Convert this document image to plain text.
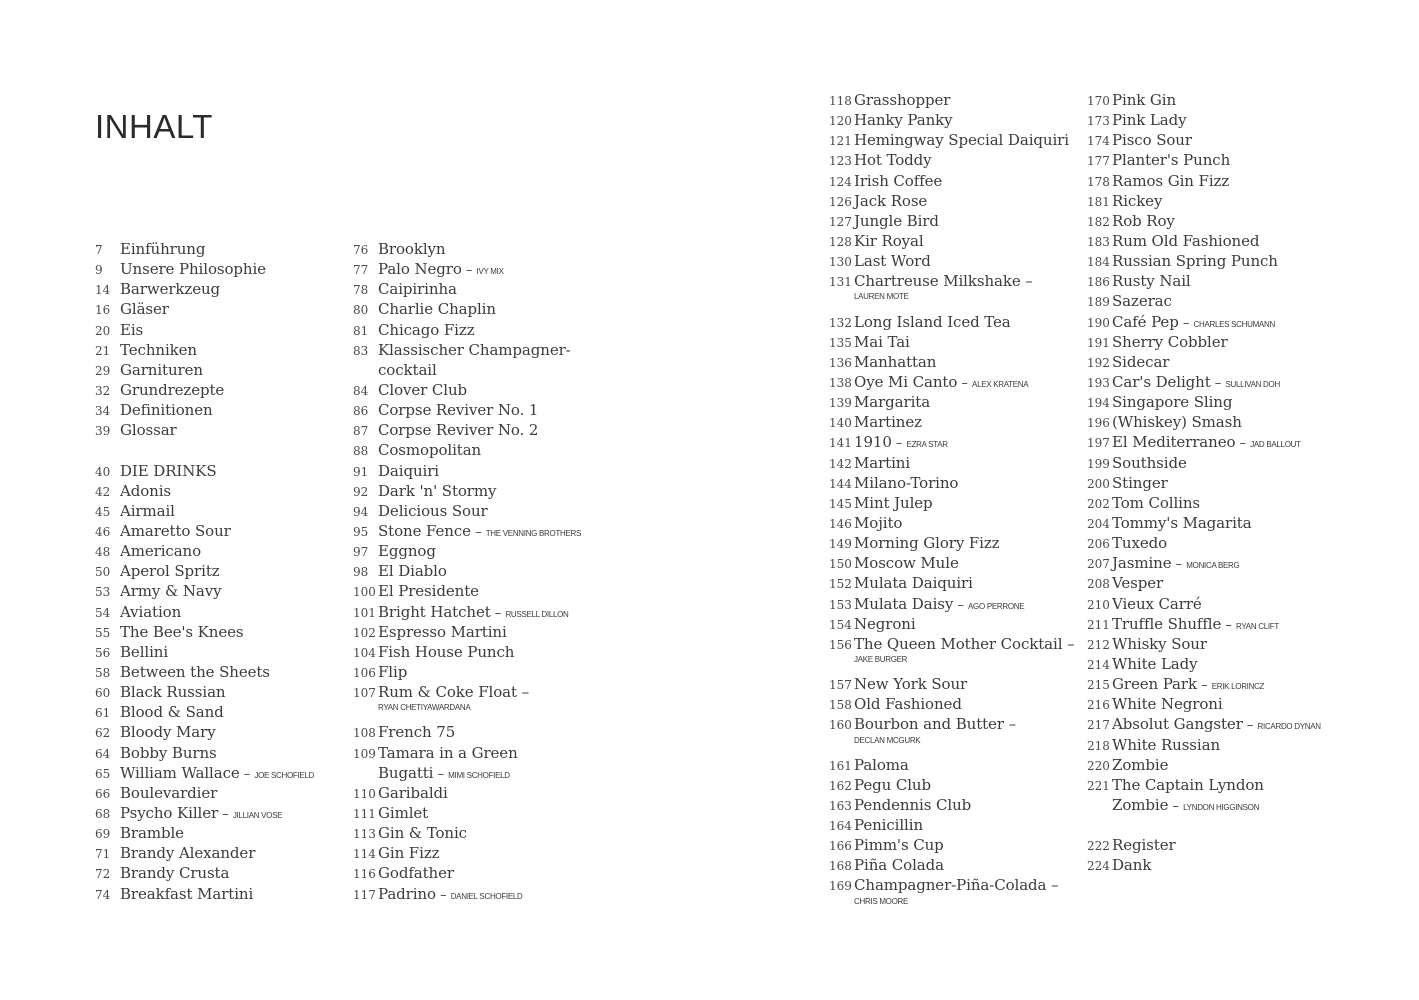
INHALT
7	Einführung
9	Unsere Philosophie
14 Barwerkzeug
16 Gläser
20 Eis
21 Techniken
29 Garnituren
32 Grundrezepte
34 Definitionen
39 Glossar
40 DIE DRINKS
42 Adonis
45 Airmail
46 Amaretto Sour
48 Americano
50 Aperol Spritz
53 Army & Navy
54 Aviation
55 The Bee's Knees
56 Bellini
58 Between the Sheets
60 Black Russian
61 Blood & Sand
62 Bloody Mary
64 Bobby Burns
65 William Wallace – JOE SCHOFIELD
66 Boulevardier
68 Psycho Killer – JILLIAN VOSE
69 Bramble
71 Brandy Alexander
72 Brandy Crusta
74 Breakfast Martini
76 Brooklyn
77 Palo Negro – IVY MIX
78 Caipirinha
80 Charlie Chaplin
81 Chicago Fizz
83 Klassischer Champagner-
cocktail
84 Clover Club
86 Corpse Reviver No. 1
87 Corpse Reviver No. 2
88 Cosmopolitan
91 Daiquiri
92 Dark 'n' Stormy
94 Delicious Sour
95 Stone Fence – THE VENNING BROTHERS
97 Eggnog
98 El Diablo
100 El Presidente
101 Bright Hatchet – RUSSELL DILLON
102 Espresso Martini
104 Fish House Punch
106 Flip
107 Rum & Coke Float –
RYAN CHETIYAWARDANA
108 French 75
109 Tamara in a Green
Bugatti – MIMI SCHOFIELD
110 Garibaldi
111 Gimlet
113 Gin & Tonic
114 Gin Fizz
116 Godfather
117 Padrino – DANIEL SCHOFIELD
118 Grasshopper
120 Hanky Panky
121 Hemingway Special Daiquiri
123 Hot Toddy
124 Irish Coffee
126 Jack Rose
127 Jungle Bird
128 Kir Royal
130 Last Word
131 Chartreuse Milkshake –
LAUREN MOTE
132 Long Island Iced Tea
135 Mai Tai
136 Manhattan
138 Oye Mi Canto – ALEX KRATENA
139 Margarita
140 Martinez
141 1910 – EZRA STAR
142 Martini
144 Milano-Torino
145 Mint Julep
146 Mojito
149 Morning Glory Fizz
150 Moscow Mule
152 Mulata Daiquiri
153 Mulata Daisy – AGO PERRONE
154 Negroni
156 The Queen Mother Cocktail –
JAKE BURGER
157 New York Sour
158 Old Fashioned
160 Bourbon and Butter –
DECLAN MCGURK
161 Paloma
162 Pegu Club
163 Pendennis Club
164 Penicillin
166 Pimm's Cup
168 Piña Colada
169 Champagner-Piña-Colada –
CHRIS MOORE
170 Pink Gin
173 Pink Lady
174 Pisco Sour
177 Planter's Punch
178 Ramos Gin Fizz
181 Rickey
182 Rob Roy
183 Rum Old Fashioned
184 Russian Spring Punch
186 Rusty Nail
189 Sazerac
190 Café Pep – CHARLES SCHUMANN
191 Sherry Cobbler
192 Sidecar
193 Car's Delight – SULLIVAN DOH
194 Singapore Sling
196 (Whiskey) Smash
197 El Mediterraneo – JAD BALLOUT
199 Southside
200 Stinger
202 Tom Collins
204 Tommy's Magarita
206 Tuxedo
207 Jasmine – MONICA BERG
208 Vesper
210 Vieux Carré
211 Truffle Shuffle – RYAN CLIFT
212 Whisky Sour
214 White Lady
215 Green Park – ERIK LORINCZ
216 White Negroni
217 Absolut Gangster – RICARDO DYNAN
218 White Russian
220 Zombie
221 The Captain Lyndon
Zombie – LYNDON HIGGINSON
222 Register
224 Dank
